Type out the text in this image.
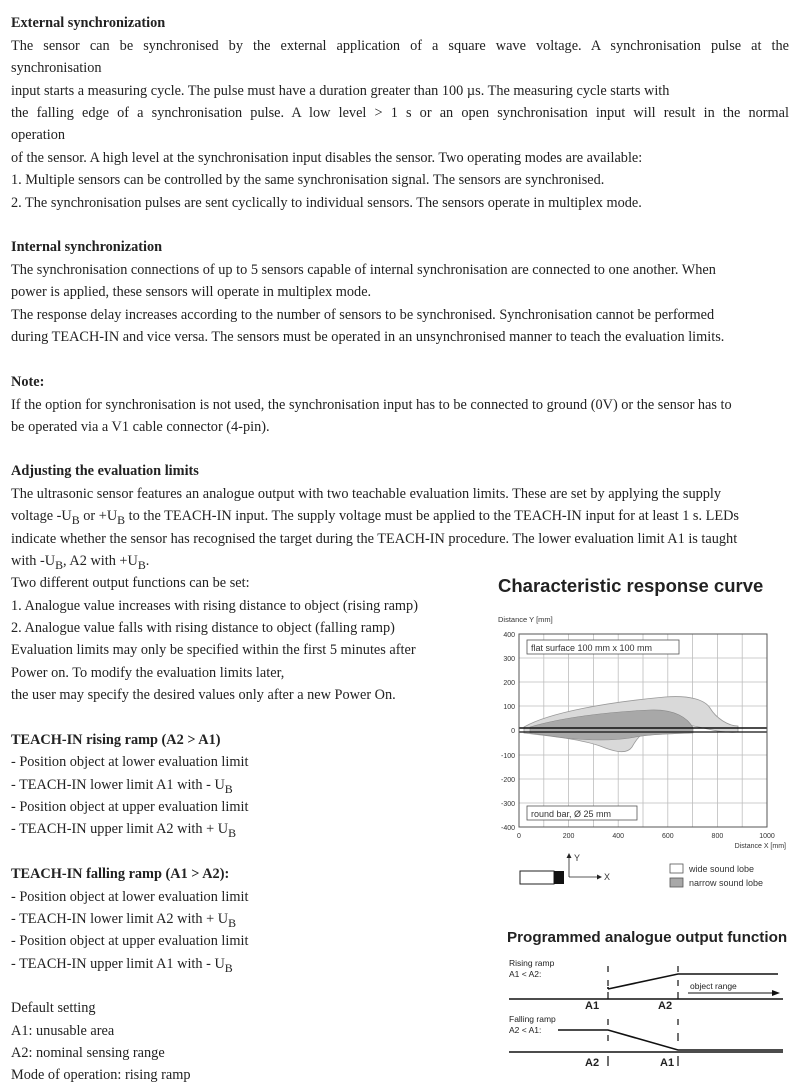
External synchronization
The sensor can be synchronised by the external application of a square wave voltage. A synchronisation pulse at the
synchronisation
input starts a measuring cycle. The pulse must have a duration greater than 100 µs. The measuring cycle starts with
the falling edge of a synchronisation pulse. A low level > 1 s or an open synchronisation input will result in the normal
operation
of the sensor. A high level at the synchronisation input disables the sensor. Two operating modes are available:
1. Multiple sensors can be controlled by the same synchronisation signal. The sensors are synchronised.
2. The synchronisation pulses are sent cyclically to individual sensors. The sensors operate in multiplex mode.
Internal synchronization
The synchronisation connections of up to 5 sensors capable of internal synchronisation are connected to one another. When
power is applied, these sensors will operate in multiplex mode.
The response delay increases according to the number of sensors to be synchronised. Synchronisation cannot be performed
during TEACH-IN and vice versa. The sensors must be operated in an unsynchronised manner to teach the evaluation limits.
Note:
If the option for synchronisation is not used, the synchronisation input has to be connected to ground (0V) or the sensor has to
be operated via a V1 cable connector (4-pin).
Adjusting the evaluation limits
The ultrasonic sensor features an analogue output with two teachable evaluation limits. These are set by applying the supply
voltage $-U_B$ or $+U_B$ to the TEACH-IN input. The supply voltage must be applied to the TEACH-IN input for at least 1 s. LEDs
indicate whether the sensor has recognised the target during the TEACH-IN procedure. The lower evaluation limit A1 is taught
with $-U_B$, A2 with $+U_B$.
Two different output functions can be set:
1. Analogue value increases with rising distance to object (rising ramp)
2. Analogue value falls with rising distance to object (falling ramp)
Evaluation limits may only be specified within the first 5 minutes after
Power on. To modify the evaluation limits later,
the user may specify the desired values only after a new Power On.
TEACH-IN rising ramp (A2 > A1)
- Position object at lower evaluation limit
- TEACH-IN lower limit A1 with - $U_B$
- Position object at upper evaluation limit
- TEACH-IN upper limit A2 with + $U_B$
TEACH-IN falling ramp (A1 > A2):
- Position object at lower evaluation limit
- TEACH-IN lower limit A2 with + $U_B$
- Position object at upper evaluation limit
- TEACH-IN upper limit A1 with - $U_B$
Default setting
A1: unusable area
A2: nominal sensing range
Mode of operation: rising ramp
Characteristic response curve
Distance Y [mm]
400
300
200
100
0
-100
-200
-300
-400
0	200	400	600	800	1000
Distance X [mm]
flat surface 100 mm x 100 mm
round bar, Ø 25 mm
Y
X
wide sound lobe
narrow sound lobe
Programmed analogue output function
Rising ramp
A1 < A2:
Falling ramp
A2 < A1:
A1	A2
object range
A2	A1
